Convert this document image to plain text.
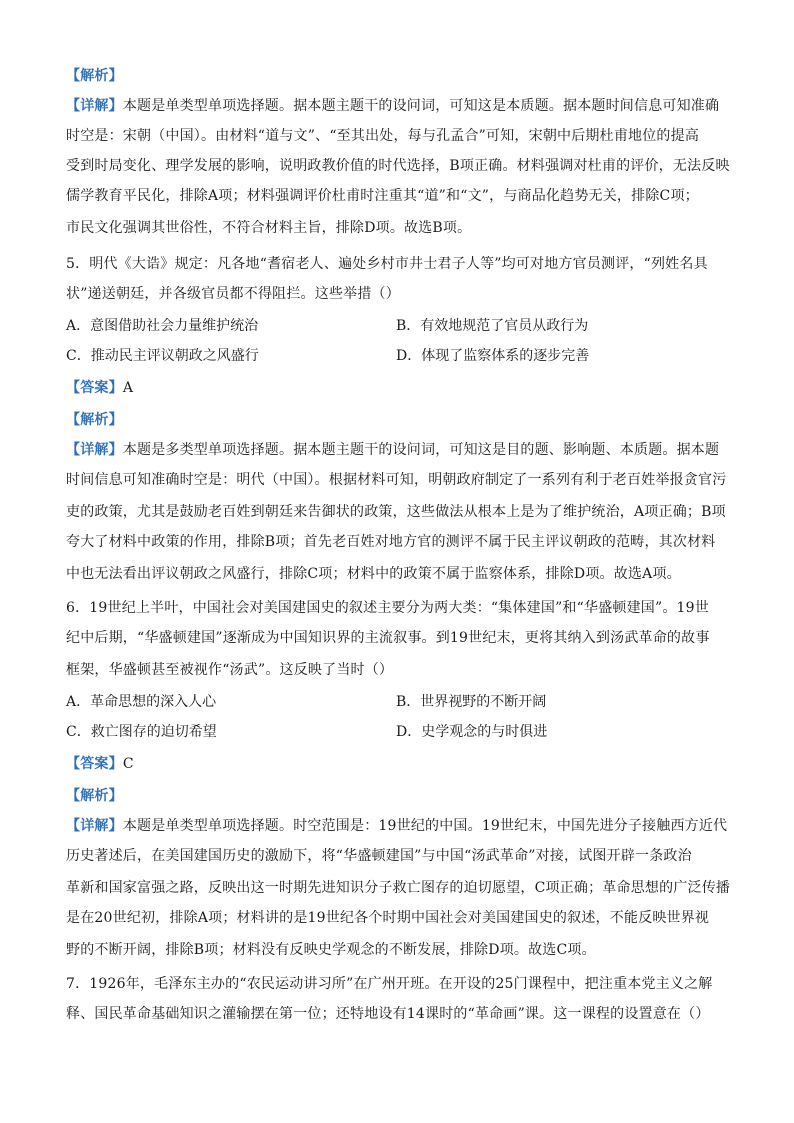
【解析】
【详解】本题是单类型单项选择题。据本题主题干的设问词，可知这是本质题。据本题时间信息可知准确
时空是：宋朝（中国）。由材料“道与文”、“至其出处，每与孔孟合”可知，宋朝中后期杜甫地位的提高
受到时局变化、理学发展的影响，说明政教价值的时代选择，B项正确。材料强调对杜甫的评价，无法反映
儒学教育平民化，排除A项；材料强调评价杜甫时注重其“道”和“文”，与商品化趋势无关，排除C项；
市民文化强调其世俗性，不符合材料主旨，排除D项。故选B项。
5．明代《大诰》规定：凡各地“耆宿老人、遍处乡村市井士君子人等”均可对地方官员测评，“列姓名具
状”递送朝廷，并各级官员都不得阻拦。这些举措（）
A．意图借助社会力量维护统治	B．有效地规范了官员从政行为
C．推动民主评议朝政之风盛行	D．体现了监察体系的逐步完善
【答案】A
【解析】
【详解】本题是多类型单项选择题。据本题主题干的设问词，可知这是目的题、影响题、本质题。据本题
时间信息可知准确时空是：明代（中国）。根据材料可知，明朝政府制定了一系列有利于老百姓举报贪官污
吏的政策，尤其是鼓励老百姓到朝廷来告御状的政策，这些做法从根本上是为了维护统治，A项正确；B项
夸大了材料中政策的作用，排除B项；首先老百姓对地方官的测评不属于民主评议朝政的范畴，其次材料
中也无法看出评议朝政之风盛行，排除C项；材料中的政策不属于监察体系，排除D项。故选A项。
6．19世纪上半叶，中国社会对美国建国史的叙述主要分为两大类：“集体建国”和“华盛顿建国”。19世
纪中后期，“华盛顿建国”逐渐成为中国知识界的主流叙事。到19世纪末，更将其纳入到汤武革命的故事
框架，华盛顿甚至被视作“汤武”。这反映了当时（）
A．革命思想的深入人心	B．世界视野的不断开阔
C．救亡图存的迫切希望	D．史学观念的与时俱进
【答案】C
【解析】
【详解】本题是单类型单项选择题。时空范围是：19世纪的中国。19世纪末，中国先进分子接触西方近代
历史著述后，在美国建国历史的激励下，将“华盛顿建国”与中国“汤武革命”对接，试图开辟一条政治
革新和国家富强之路，反映出这一时期先进知识分子救亡图存的迫切愿望，C项正确；革命思想的广泛传播
是在20世纪初，排除A项；材料讲的是19世纪各个时期中国社会对美国建国史的叙述，不能反映世界视
野的不断开阔，排除B项；材料没有反映史学观念的不断发展，排除D项。故选C项。
7．1926年，毛泽东主办的“农民运动讲习所”在广州开班。在开设的25门课程中，把注重本党主义之解
释、国民革命基础知识之灌输摆在第一位；还特地设有14课时的“革命画”课。这一课程的设置意在（）
